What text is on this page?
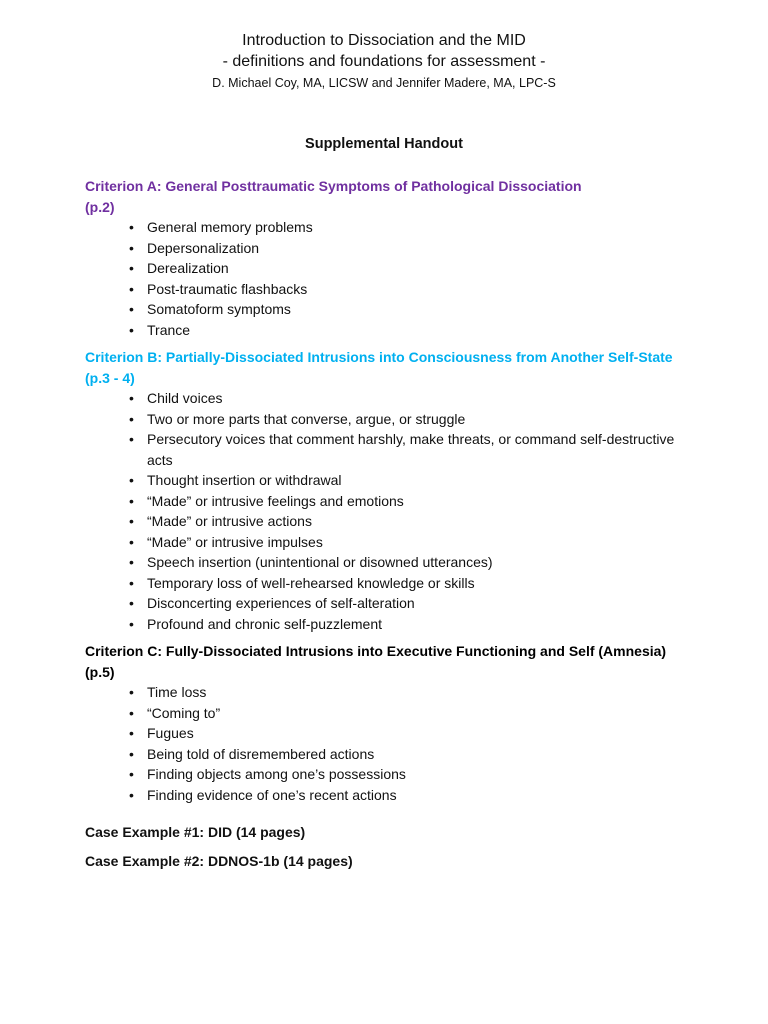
Introduction to Dissociation and the MID
- definitions and foundations for assessment -
D. Michael Coy, MA, LICSW and Jennifer Madere, MA, LPC-S
Supplemental Handout
Criterion A: General Posttraumatic Symptoms of Pathological Dissociation
(p.2)
• General memory problems
• Depersonalization
• Derealization
• Post-traumatic flashbacks
• Somatoform symptoms
• Trance
Criterion B: Partially-Dissociated Intrusions into Consciousness from Another Self-State
(p.3 - 4)
• Child voices
• Two or more parts that converse, argue, or struggle
• Persecutory voices that comment harshly, make threats, or command self-destructive acts
• Thought insertion or withdrawal
• “Made” or intrusive feelings and emotions
• “Made” or intrusive actions
• “Made” or intrusive impulses
• Speech insertion (unintentional or disowned utterances)
• Temporary loss of well-rehearsed knowledge or skills
• Disconcerting experiences of self-alteration
• Profound and chronic self-puzzlement
Criterion C: Fully-Dissociated Intrusions into Executive Functioning and Self (Amnesia)
(p.5)
• Time loss
• “Coming to”
• Fugues
• Being told of disremembered actions
• Finding objects among one’s possessions
• Finding evidence of one’s recent actions
Case Example #1: DID (14 pages)
Case Example #2: DDNOS-1b (14 pages)
